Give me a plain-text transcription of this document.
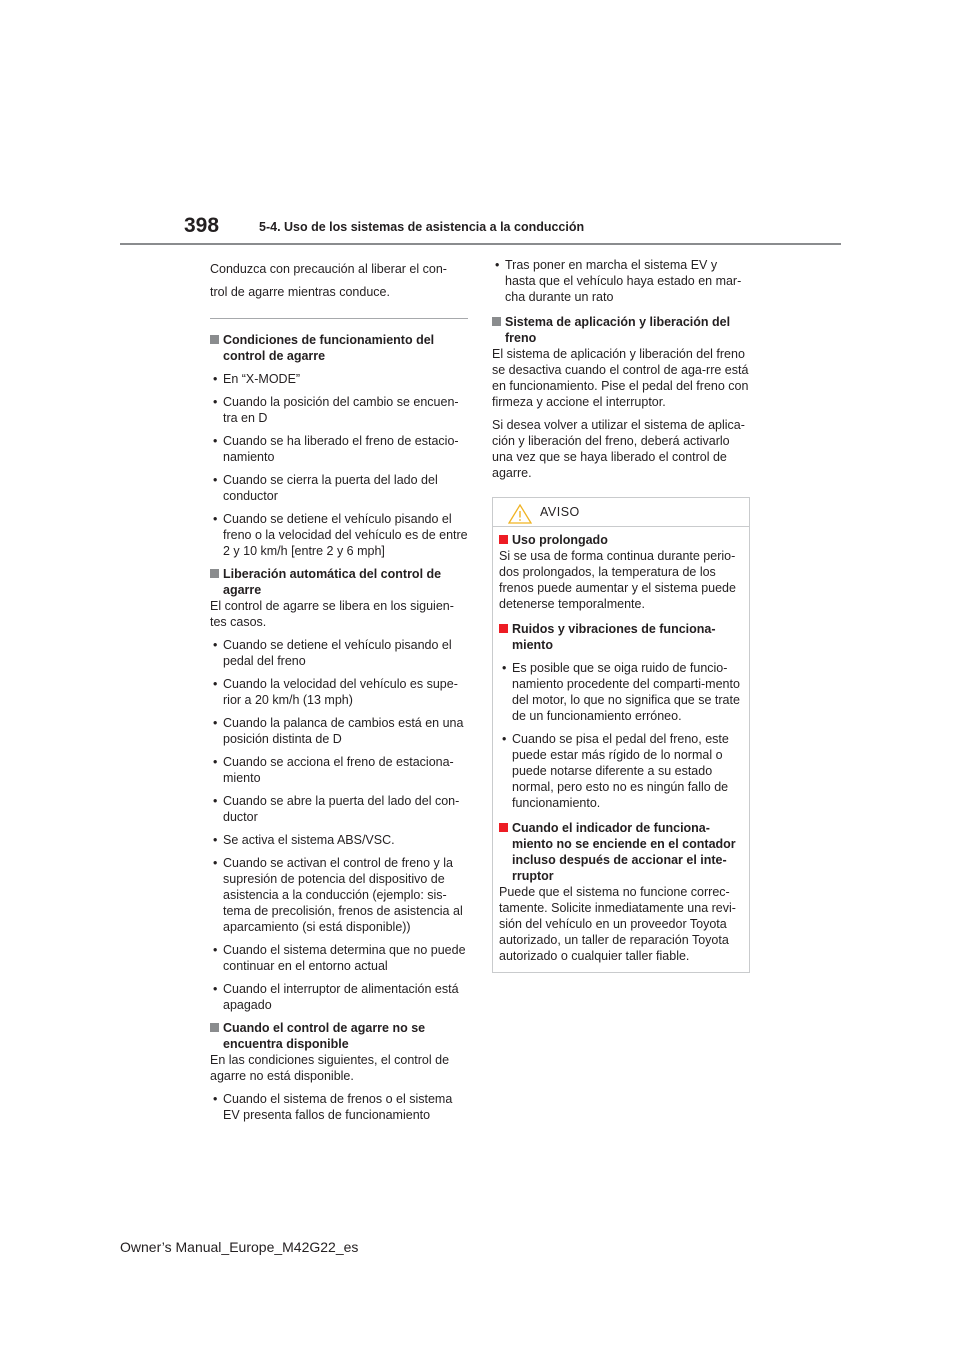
398	5-4. Uso de los sistemas de asistencia a la conducción

Conduzca con precaución al liberar el con-

trol de agarre mientras conduce.

Condiciones de funcionamiento del control de agarre

• En “X-MODE”

• Cuando la posición del cambio se encuen-tra en D

• Cuando se ha liberado el freno de estacio-namiento

• Cuando se cierra la puerta del lado del conductor

• Cuando se detiene el vehículo pisando el freno o la velocidad del vehículo es de entre 2 y 10 km/h [entre 2 y 6 mph]

Liberación automática del control de agarre

El control de agarre se libera en los siguien-tes casos.

• Cuando se detiene el vehículo pisando el pedal del freno

• Cuando la velocidad del vehículo es supe-rior a 20 km/h (13 mph)

• Cuando la palanca de cambios está en una posición distinta de D

• Cuando se acciona el freno de estaciona-miento

• Cuando se abre la puerta del lado del con-ductor

• Se activa el sistema ABS/VSC.

• Cuando se activan el control de freno y la supresión de potencia del dispositivo de asistencia a la conducción (ejemplo: sis-tema de precolisión, frenos de asistencia al aparcamiento (si está disponible))

• Cuando el sistema determina que no puede continuar en el entorno actual

• Cuando el interruptor de alimentación está apagado

Cuando el control de agarre no se encuentra disponible

En las condiciones siguientes, el control de agarre no está disponible.

• Cuando el sistema de frenos o el sistema EV presenta fallos de funcionamiento

• Tras poner en marcha el sistema EV y hasta que el vehículo haya estado en mar-cha durante un rato

Sistema de aplicación y liberación del freno

El sistema de aplicación y liberación del freno se desactiva cuando el control de aga-rre está en funcionamiento. Pise el pedal del freno con firmeza y accione el interruptor.

Si desea volver a utilizar el sistema de aplica-ción y liberación del freno, deberá activarlo una vez que se haya liberado el control de agarre.

AVISO

Uso prolongado

Si se usa de forma continua durante perio-dos prolongados, la temperatura de los frenos puede aumentar y el sistema puede detenerse temporalmente.

Ruidos y vibraciones de funciona-miento

• Es posible que se oiga ruido de funcio-namiento procedente del comparti-mento del motor, lo que no significa que se trate de un funcionamiento erróneo.

• Cuando se pisa el pedal del freno, este puede estar más rígido de lo normal o puede notarse diferente a su estado normal, pero esto no es ningún fallo de funcionamiento.

Cuando el indicador de funciona-miento no se enciende en el contador incluso después de accionar el inte-rruptor

Puede que el sistema no funcione correc-tamente. Solicite inmediatamente una revi-sión del vehículo en un proveedor Toyota autorizado, un taller de reparación Toyota autorizado o cualquier taller fiable.

Owner’s Manual_Europe_M42G22_es
